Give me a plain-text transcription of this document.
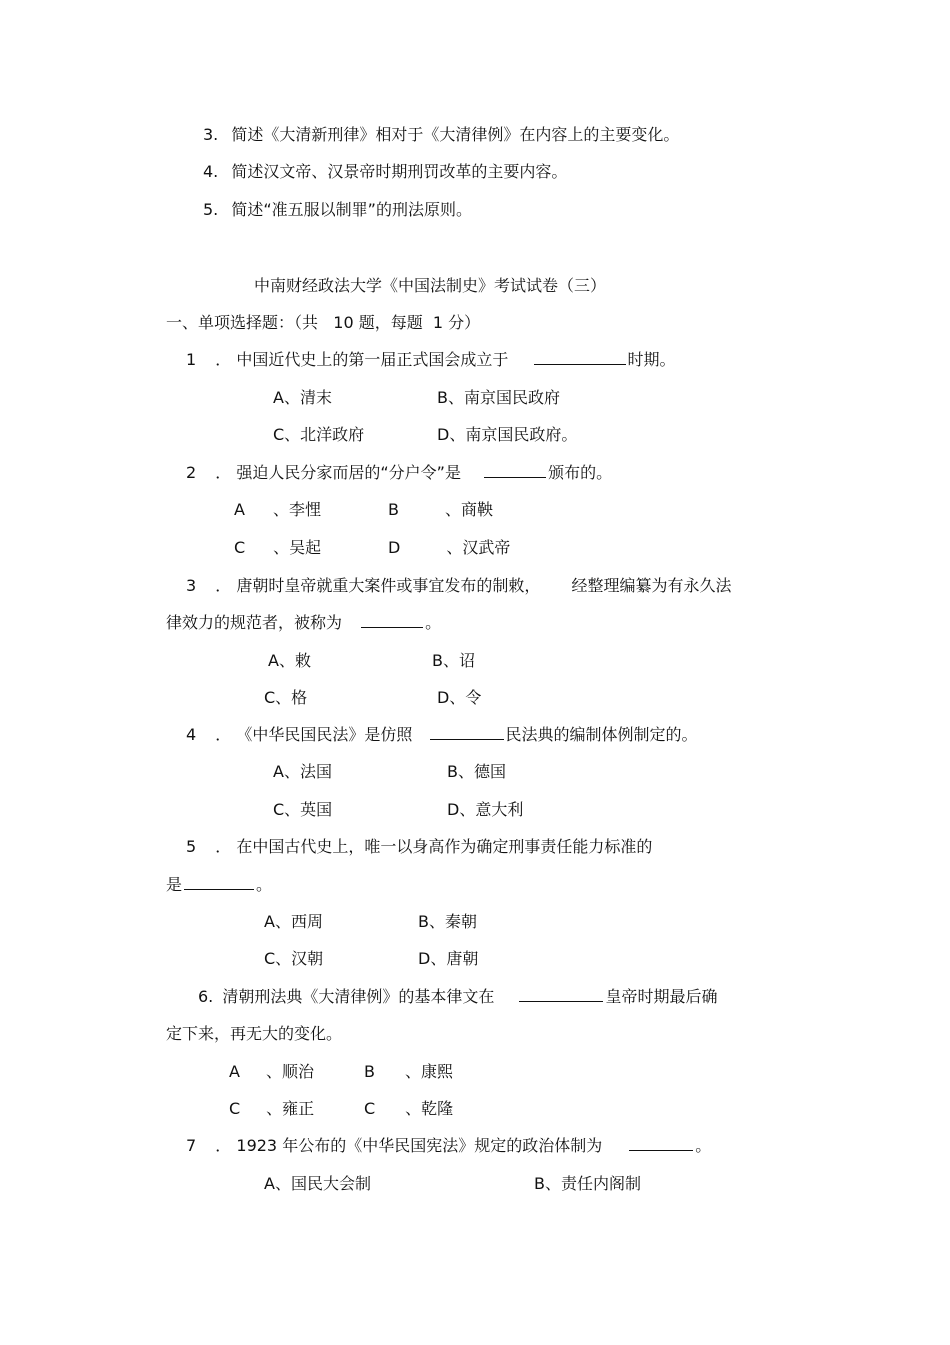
3. 简述《大清新刑律》相对于《大清律例》在内容上的主要变化。
4. 简述汉文帝、汉景帝时期刑罚改革的主要内容。
5. 简述“准五服以制罪”的刑法原则。
中南财经政法大学《中国法制史》考试试卷（三）
一、单项选择题：（共   10 题，每题  1 分）
1 ． 中国近代史上的第一届正式国会成立于	时期。
A、清末	B、南京国民政府
C、北洋政府	D、南京国民政府。
2 ． 强迫人民分家而居的“分户令”是	颁布的。
A 、李悝	B	、商鞅
C 、吴起	D	、汉武帝
3 ． 唐朝时皇帝就重大案件或事宜发布的制敕， 经整理编纂为有永久法
律效力的规范者，被称为	。
A、敕	B、诏
C、格	D、令
4 ． 《中华民国民法》是仿照	民法典的编制体例制定的。
A、法国	B、德国
C、英国	D、意大利
5 ． 在中国古代史上，唯一以身高作为确定刑事责任能力标准的
是	。
A、西周	B、秦朝
C、汉朝	D、唐朝
6. 清朝刑法典《大清律例》的基本律文在	皇帝时期最后确
定下来，再无大的变化。
A 、顺治	B 、康熙
C 、雍正	C 、乾隆
7 ． 1923 年公布的《中华民国宪法》规定的政治体制为	。
A、国民大会制	B、责任内阁制
